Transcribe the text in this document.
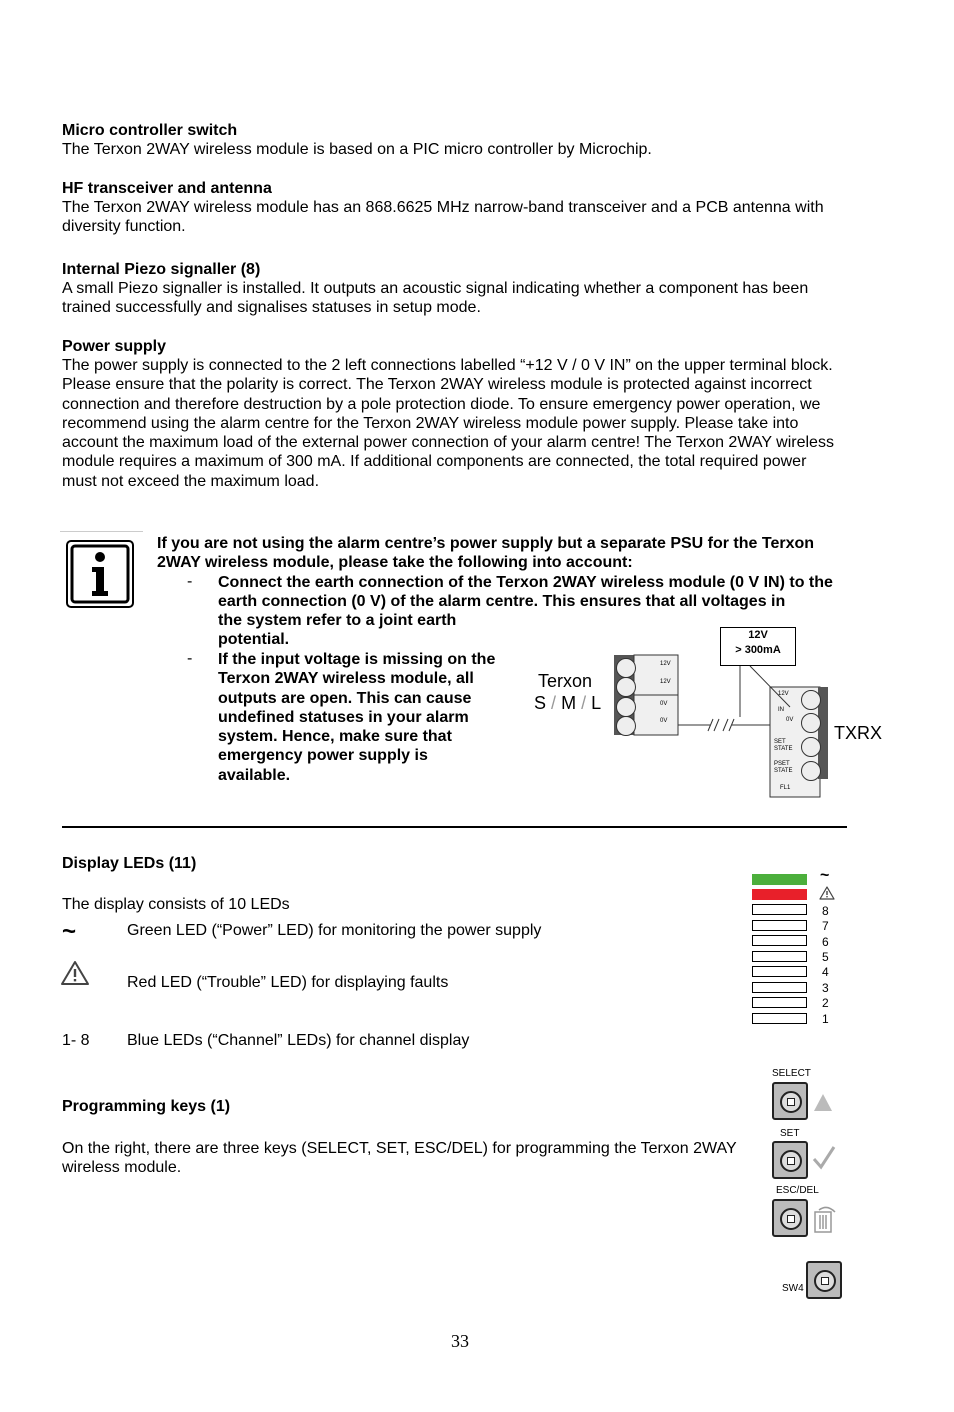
Micro controller switch
The Terxon 2WAY wireless module is based on a PIC micro controller by Microchip.
HF transceiver and antenna
The Terxon 2WAY wireless module has an 868.6625 MHz narrow-band transceiver and a PCB antenna with diversity function.
Internal Piezo signaller (8)
A small Piezo signaller is installed. It outputs an acoustic signal indicating whether a component has been trained successfully and signalises statuses in setup mode.
Power supply
The power supply is connected to the 2 left connections labelled “+12 V / 0 V IN” on the upper terminal block. Please ensure that the polarity is correct. The Terxon 2WAY wireless module is protected against incorrect connection and therefore destruction by a pole protection diode. To ensure emergency power operation, we recommend using the alarm centre for the Terxon 2WAY wireless module power supply. Please take into account the maximum load of the external power connection of your alarm centre! The Terxon 2WAY wireless module requires a maximum of 300 mA. If additional components are connected, the total required power must not exceed the maximum load.
If you are not using the alarm centre’s power supply but a separate PSU for the Terxon 2WAY wireless module, please take the following into account:
- Connect the earth connection of the Terxon 2WAY wireless module (0 V IN) to the earth connection (0 V) of the alarm centre. This ensures that all voltages in
the system refer to a joint earth potential.
- If the input voltage is missing on the Terxon 2WAY wireless module, all outputs are open. This can cause undefined statuses in your alarm system. Hence, make sure that emergency power supply is available.
12V
> 300mA
Terxon
S / M / L
TXRX
12V
12V
0V
0V
12V
IN
0V
SET STATE
PSET STATE
FL1
Display LEDs (11)
The display consists of 10 LEDs
~	Green LED (“Power” LED) for monitoring the power supply
Red LED (“Trouble” LED) for displaying faults
1- 8 Blue LEDs (“Channel” LEDs) for channel display
~
8
7
6
5
4
3
2
1
Programming keys (1)
On the right, there are three keys (SELECT, SET, ESC/DEL) for programming the Terxon 2WAY wireless module.
SELECT
SET
ESC/DEL
SW4
33
